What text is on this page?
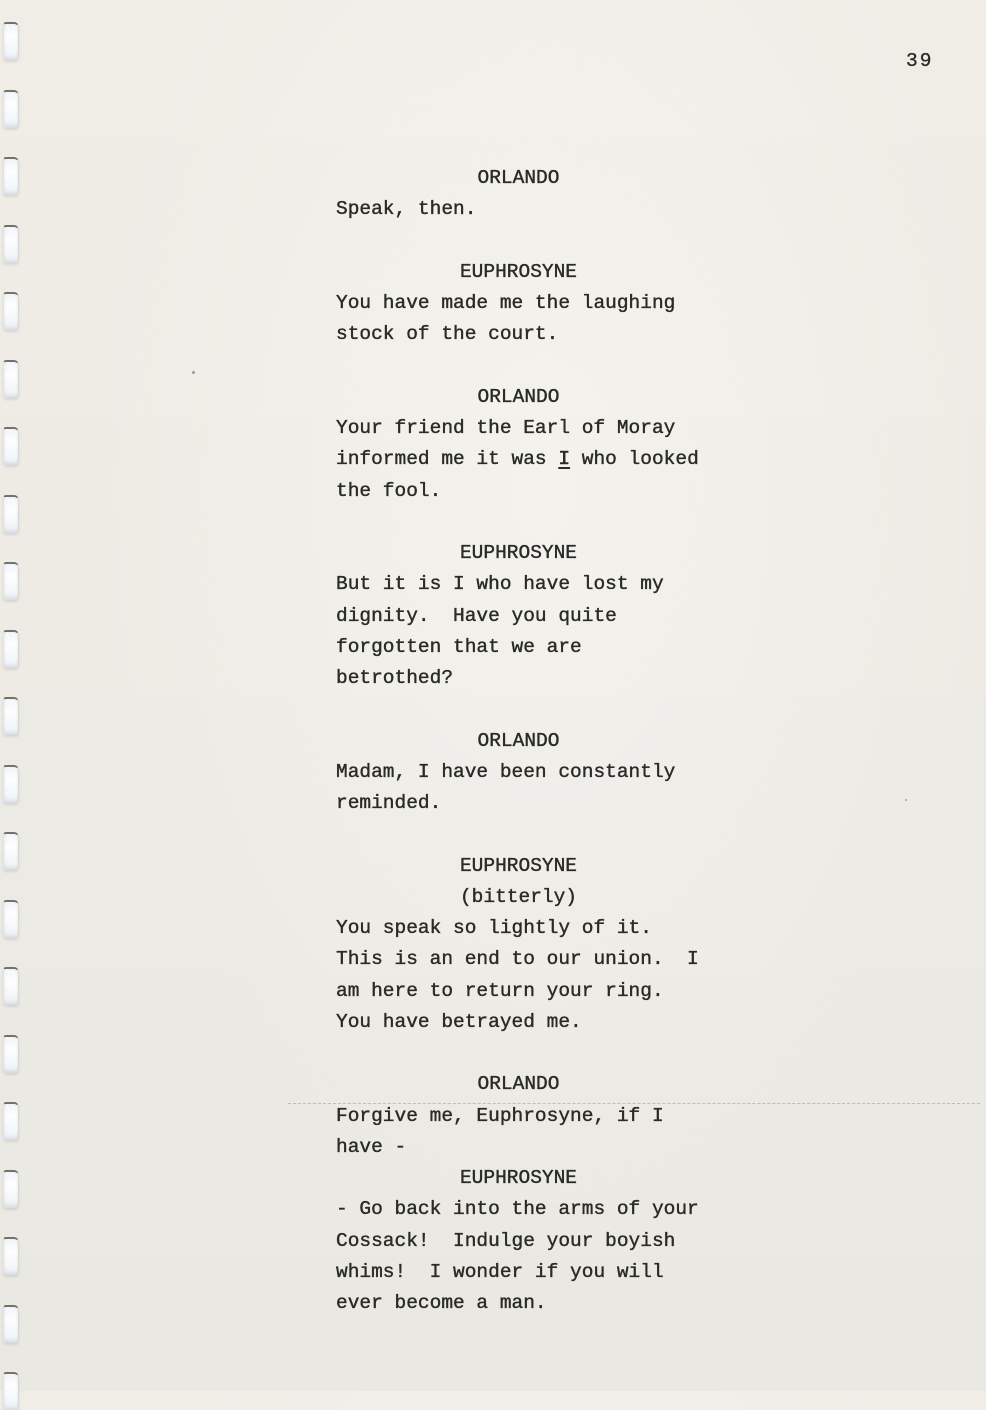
39
ORLANDO
Speak, then.
EUPHROSYNE
You have made me the laughing
stock of the court.
ORLANDO
Your friend the Earl of Moray
informed me it was I who looked
the fool.
EUPHROSYNE
But it is I who have lost my
dignity.  Have you quite
forgotten that we are
betrothed?
ORLANDO
Madam, I have been constantly
reminded.
EUPHROSYNE
(bitterly)
You speak so lightly of it.
This is an end to our union.  I
am here to return your ring.
You have betrayed me.
ORLANDO
Forgive me, Euphrosyne, if I
have -
EUPHROSYNE
- Go back into the arms of your
Cossack!  Indulge your boyish
whims!  I wonder if you will
ever become a man.
